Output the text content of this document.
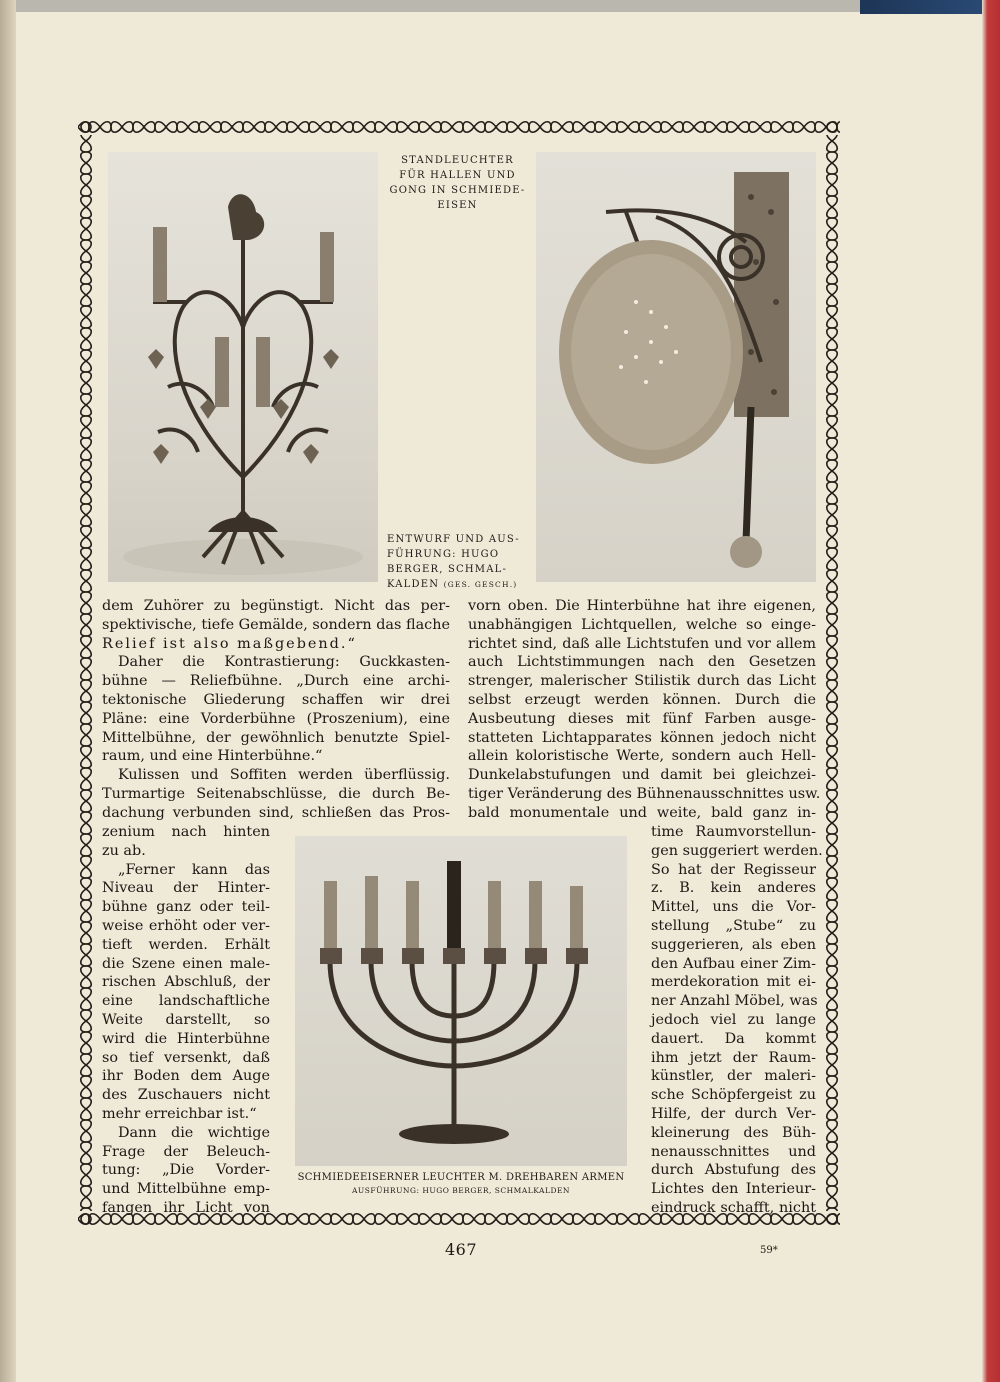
STANDLEUCHTER
FÜR HALLEN UND
GONG IN SCHMIEDE-
EISEN
ENTWURF UND AUS-
FÜHRUNG: HUGO
BERGER, SCHMAL-
KALDEN (GES. GESCH.)
SCHMIEDEEISERNER LEUCHTER M. DREHBAREN ARMEN
AUSFÜHRUNG: HUGO BERGER, SCHMALKALDEN
dem Zuhörer zu begünstigt. Nicht das per-
spektivische, tiefe Gemälde, sondern das flache
Relief ist also maßgebend.“
Daher die Kontrastierung: Guckkasten-
bühne — Reliefbühne. „Durch eine archi-
tektonische Gliederung schaffen wir drei
Pläne: eine Vorderbühne (Proszenium), eine
Mittelbühne, der gewöhnlich benutzte Spiel-
raum, und eine Hinterbühne.“
Kulissen und Soffiten werden überflüssig.
Turmartige Seitenabschlüsse, die durch Be-
dachung verbunden sind, schließen das Pros-
zenium nach hinten
zu ab.
„Ferner kann das
Niveau der Hinter-
bühne ganz oder teil-
weise erhöht oder ver-
tieft werden. Erhält
die Szene einen male-
rischen Abschluß, der
eine landschaftliche
Weite darstellt, so
wird die Hinterbühne
so tief versenkt, daß
ihr Boden dem Auge
des Zuschauers nicht
mehr erreichbar ist.“
Dann die wichtige
Frage der Beleuch-
tung: „Die Vorder-
und Mittelbühne emp-
fangen ihr Licht von
vorn oben. Die Hinterbühne hat ihre eigenen,
unabhängigen Lichtquellen, welche so einge-
richtet sind, daß alle Lichtstufen und vor allem
auch Lichtstimmungen nach den Gesetzen
strenger, malerischer Stilistik durch das Licht
selbst erzeugt werden können. Durch die
Ausbeutung dieses mit fünf Farben ausge-
statteten Lichtapparates können jedoch nicht
allein koloristische Werte, sondern auch Hell-
Dunkelabstufungen und damit bei gleichzei-
tiger Veränderung des Bühnenausschnittes usw.
bald monumentale und weite, bald ganz in-
time Raumvorstellun-
gen suggeriert werden.
So hat der Regisseur
z. B. kein anderes
Mittel, uns die Vor-
stellung „Stube“ zu
suggerieren, als eben
den Aufbau einer Zim-
merdekoration mit ei-
ner Anzahl Möbel, was
jedoch viel zu lange
dauert. Da kommt
ihm jetzt der Raum-
künstler, der maleri-
sche Schöpfergeist zu
Hilfe, der durch Ver-
kleinerung des Büh-
nenausschnittes und
durch Abstufung des
Lichtes den Interieur-
eindruck schafft, nicht
467	59*
